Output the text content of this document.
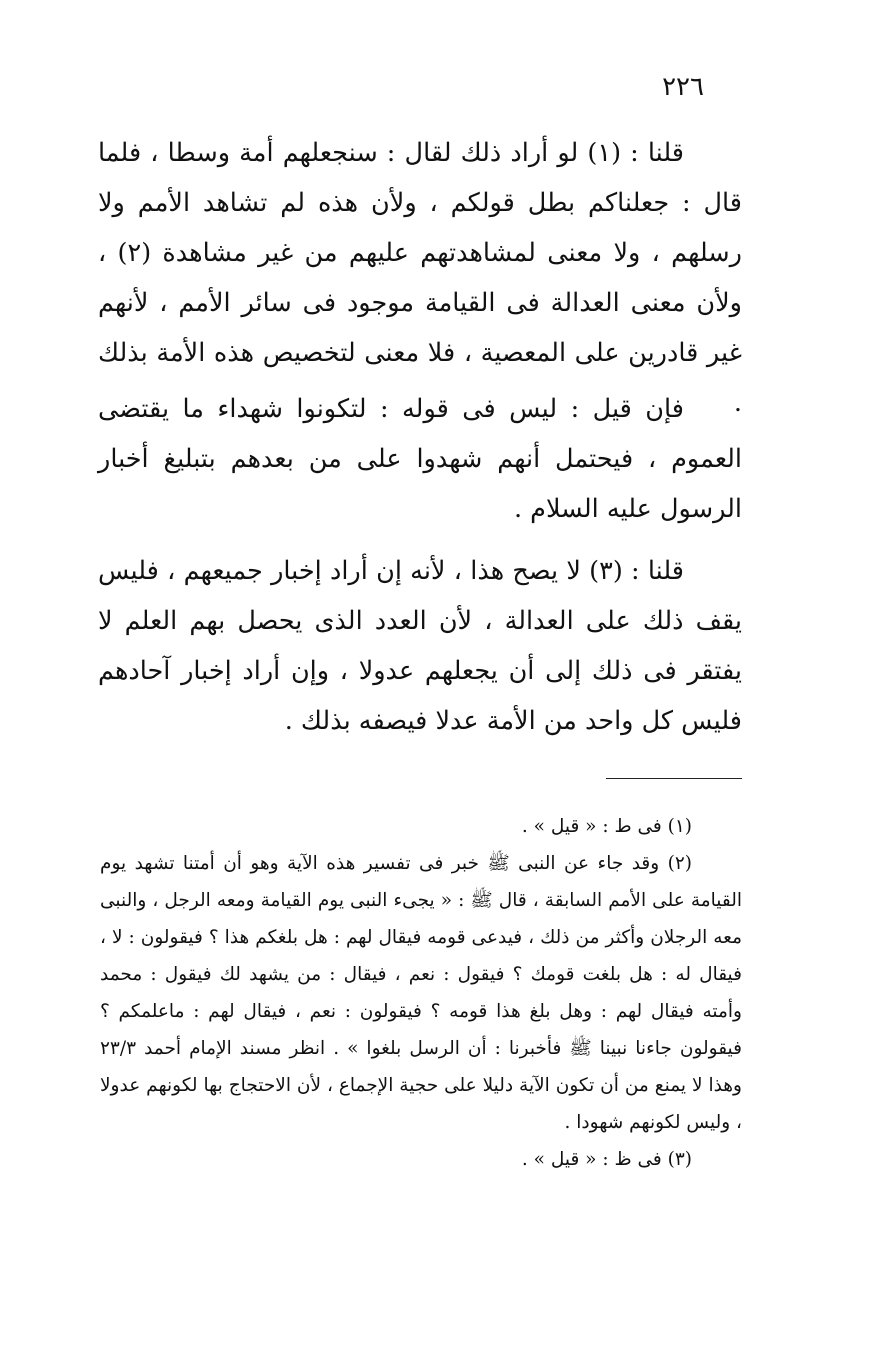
٢٢٦

قلنا : (١) لو أراد ذلك لقال : سنجعلهم أمة وسطا ، فلما قال : جعلناكم بطل قولكم ، ولأن هذه لم تشاهد الأمم ولا رسلهم ، ولا معنى لمشاهدتهم عليهم من غير مشاهدة (٢) ، ولأن معنى العدالة فى القيامة موجود فى سائر الأمم ، لأنهم غير قادرين على المعصية ، فلا معنى لتخصيص هذه الأمة بذلك .

فإن قيل : ليس فى قوله : لتكونوا شهداء ما يقتضى العموم ، فيحتمل أنهم شهدوا على من بعدهم بتبليغ أخبار الرسول عليه السلام .

قلنا : (٣) لا يصح هذا ، لأنه إن أراد إخبار جميعهم ، فليس يقف ذلك على العدالة ، لأن العدد الذى يحصل بهم العلم لا يفتقر فى ذلك إلى أن يجعلهم عدولا ، وإن أراد إخبار آحادهم فليس كل واحد من الأمة عدلا فيصفه بذلك .

(١) فى ط : « قيل » .

(٢) وقد جاء عن النبى ﷺ خبر فى تفسير هذه الآية وهو أن أمتنا تشهد يوم القيامة على الأمم السابقة ، قال ﷺ : « يجىء النبى يوم القيامة ومعه الرجل ، والنبى معه الرجلان وأكثر من ذلك ، فيدعى قومه فيقال لهم : هل بلغكم هذا ؟ فيقولون : لا ، فيقال له : هل بلغت قومك ؟ فيقول : نعم ، فيقال : من يشهد لك فيقول : محمد وأمته فيقال لهم : وهل بلغ هذا قومه ؟ فيقولون : نعم ، فيقال لهم : ماعلمكم ؟ فيقولون جاءنا نبينا ﷺ فأخبرنا : أن الرسل بلغوا » . انظر مسند الإمام أحمد ٢٣/٣ وهذا لا يمنع من أن تكون الآية دليلا على حجية الإجماع ، لأن الاحتجاج بها لكونهم عدولا ، وليس لكونهم شهودا .

(٣) فى ظ : « قيل » .
